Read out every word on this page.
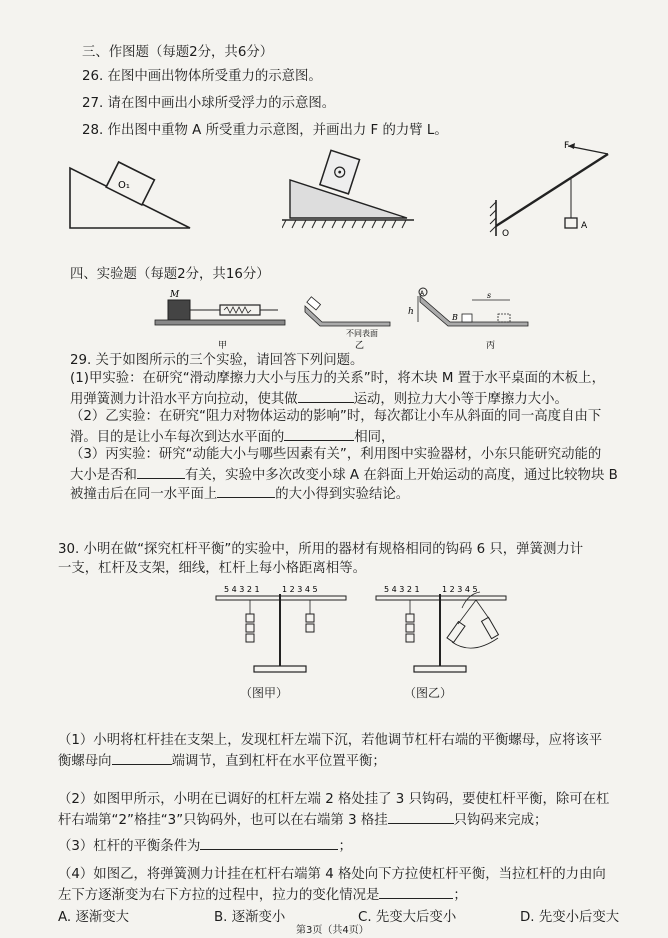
三、作图题（每题2分，共6分）
26. 在图中画出物体所受重力的示意图。
27. 请在图中画出小球所受浮力的示意图。
28. 作出图中重物 A 所受重力示意图，并画出力 F 的力臂 L。
O₁
F
O
A
四、实验题（每题2分，共16分）
M
甲
不同表面
乙
A
h
B
s
丙
29. 关于如图所示的三个实验，请回答下列问题。
(1)甲实验：在研究“滑动摩擦力大小与压力的关系”时，将木块 M 置于水平桌面的木板上，
用弹簧测力计沿水平方向拉动，使其做	运动，则拉力大小等于摩擦力大小。
（2）乙实验：在研究“阻力对物体运动的影响”时，每次都让小车从斜面的同一高度自由下
滑。目的是让小车每次到达水平面的	相同，
（3）丙实验：研究“动能大小与哪些因素有关”，利用图中实验器材，小东只能研究动能的
大小是否和	有关，实验中多次改变小球 A 在斜面上开始运动的高度，通过比较物块 B
被撞击后在同一水平面上	的大小得到实验结论。
30. 小明在做“探究杠杆平衡”的实验中，所用的器材有规格相同的钩码 6 只，弹簧测力计
一支，杠杆及支架，细线，杠杆上每小格距离相等。
5 4 3 2 1	1 2 3 4 5	5 4 3 2 1	1 2 3 4 5
（图甲）	（图乙）
（1）小明将杠杆挂在支架上，发现杠杆左端下沉，若他调节杠杆右端的平衡螺母，应将该平
衡螺母向	端调节，直到杠杆在水平位置平衡；
（2）如图甲所示，小明在已调好的杠杆左端 2 格处挂了 3 只钩码，要使杠杆平衡，除可在杠
杆右端第“2”格挂“3”只钩码外，也可以在右端第 3 格挂	只钩码来完成；
（3）杠杆的平衡条件为	；
（4）如图乙，将弹簧测力计挂在杠杆右端第 4 格处向下方拉使杠杆平衡，当拉杠杆的力由向
左下方逐渐变为右下方拉的过程中，拉力的变化情况是	；
A. 逐渐变大	B. 逐渐变小	C. 先变大后变小	D. 先变小后变大
第3页（共4页）
